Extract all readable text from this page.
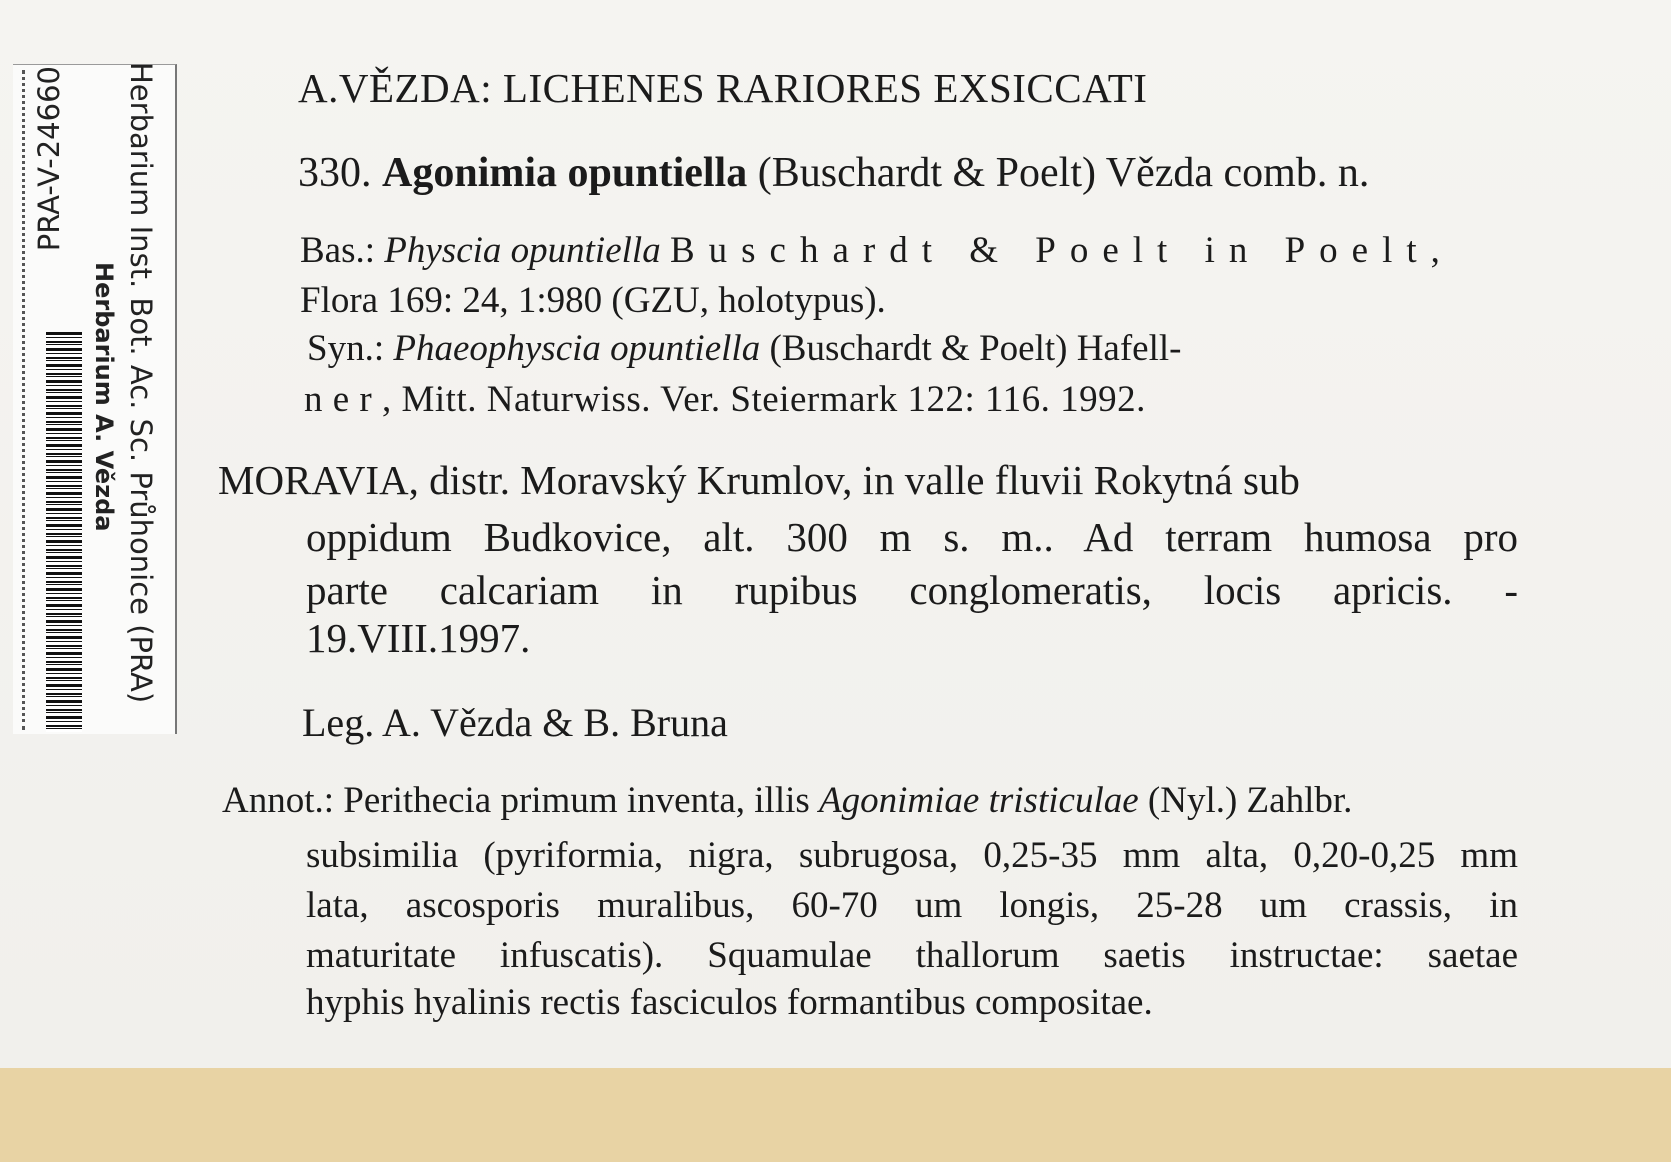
PRA-V-24660
Herbarium A. Vězda Herbarium Inst. Bot. Ac. Sc. Průhonice (PRA)	A.VĚZDA: LICHENES RARIORES EXSICCATI
330. Agonimia opuntiella (Buschardt & Poelt) Vězda comb. n.
Bas.: Physcia opuntiella Buschardt & Poelt in Poelt,
Flora 169: 24, 1:980 (GZU, holotypus).
Syn.: Phaeophyscia opuntiella (Buschardt & Poelt) Hafell-
n e r , Mitt. Naturwiss. Ver. Steiermark 122: 116. 1992.
MORAVIA, distr. Moravský Krumlov, in valle fluvii Rokytná sub
oppidum Budkovice, alt. 300 m s. m.. Ad terram humosa pro
parte calcariam in rupibus conglomeratis, locis apricis. -
19.VIII.1997.
Leg. A. Vězda & B. Bruna
Annot.: Perithecia primum inventa, illis Agonimiae tristiculae (Nyl.) Zahlbr.
subsimilia (pyriformia, nigra, subrugosa, 0,25-35 mm alta, 0,20-0,25 mm
lata, ascosporis muralibus, 60-70 um longis, 25-28 um crassis, in
maturitate infuscatis). Squamulae thallorum saetis instructae: saetae
hyphis hyalinis rectis fasciculos formantibus compositae.
